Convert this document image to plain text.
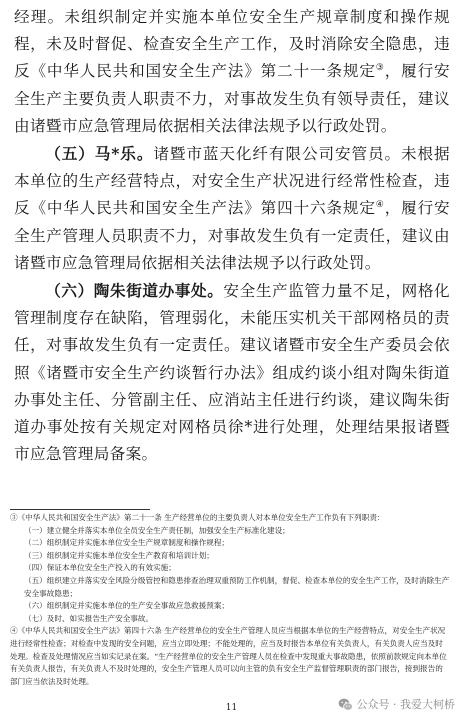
经理。未组织制定并实施本单位安全生产规章制度和操作规程，未及时督促、检查安全生产工作，及时消除安全隐患，违反《中华人民共和国安全生产法》第二十一条规定③，履行安全生产主要负责人职责不力，对事故发生负有领导责任，建议由诸暨市应急管理局依据相关法律法规予以行政处罚。

（五）马*乐。诸暨市蓝天化纤有限公司安管员。未根据本单位的生产经营特点，对安全生产状况进行经常性检查，违反《中华人民共和国安全生产法》第四十六条规定④，履行安全生产管理人员职责不力，对事故发生负有一定责任，建议由诸暨市应急管理局依据相关法律法规予以行政处罚。

（六）陶朱街道办事处。安全生产监管力量不足，网格化管理制度存在缺陷，管理弱化，未能压实机关干部网格员的责任，对事故发生负有一定责任。建议诸暨市安全生产委员会依照《诸暨市安全生产约谈暂行办法》组成约谈小组对陶朱街道办事处主任、分管副主任、应消站主任进行约谈，建议陶朱街道办事处按有关规定对网格员徐*进行处理，处理结果报诸暨市应急管理局备案。

③《中华人民共和国安全生产法》第二十一条 生产经营单位的主要负责人对本单位安全生产工作负有下列职责：

（一）建立健全并落实本单位全员安全生产责任制，加强安全生产标准化建设；

（二）组织制定并实施本单位安全生产规章制度和操作规程；

（三）组织制定并实施本单位安全生产教育和培训计划；

（四）保证本单位安全生产投入的有效实施；

（五）组织建立并落实安全风险分级管控和隐患排查治理双重预防工作机制，督促、检查本单位的安全生产工作，及时消除生产安全事故隐患；

（六）组织制定并实施本单位的生产安全事故应急救援预案；

（七）及时、如实报告生产安全事故。

④《中华人民共和国安全生产法》第四十六条 生产经营单位的安全生产管理人员应当根据本单位的生产经营特点，对安全生产状况进行经常性检查；对检查中发现的安全问题，应当立即处理；不能处理的，应当及时报告本单位有关负责人，有关负责人应当及时处理。检查及处理情况应当如实记录在案。“生产经营单位的安全生产管理人员在检查中发现重大事故隐患，依照前款规定向本单位有关负责人报告，有关负责人不及时处理的，安全生产管理人员可以向主管的负有安全生产监督管理职责的部门报告，接到报告的部门应当依法及时处理。

11	公众号 · 我爱大柯桥
